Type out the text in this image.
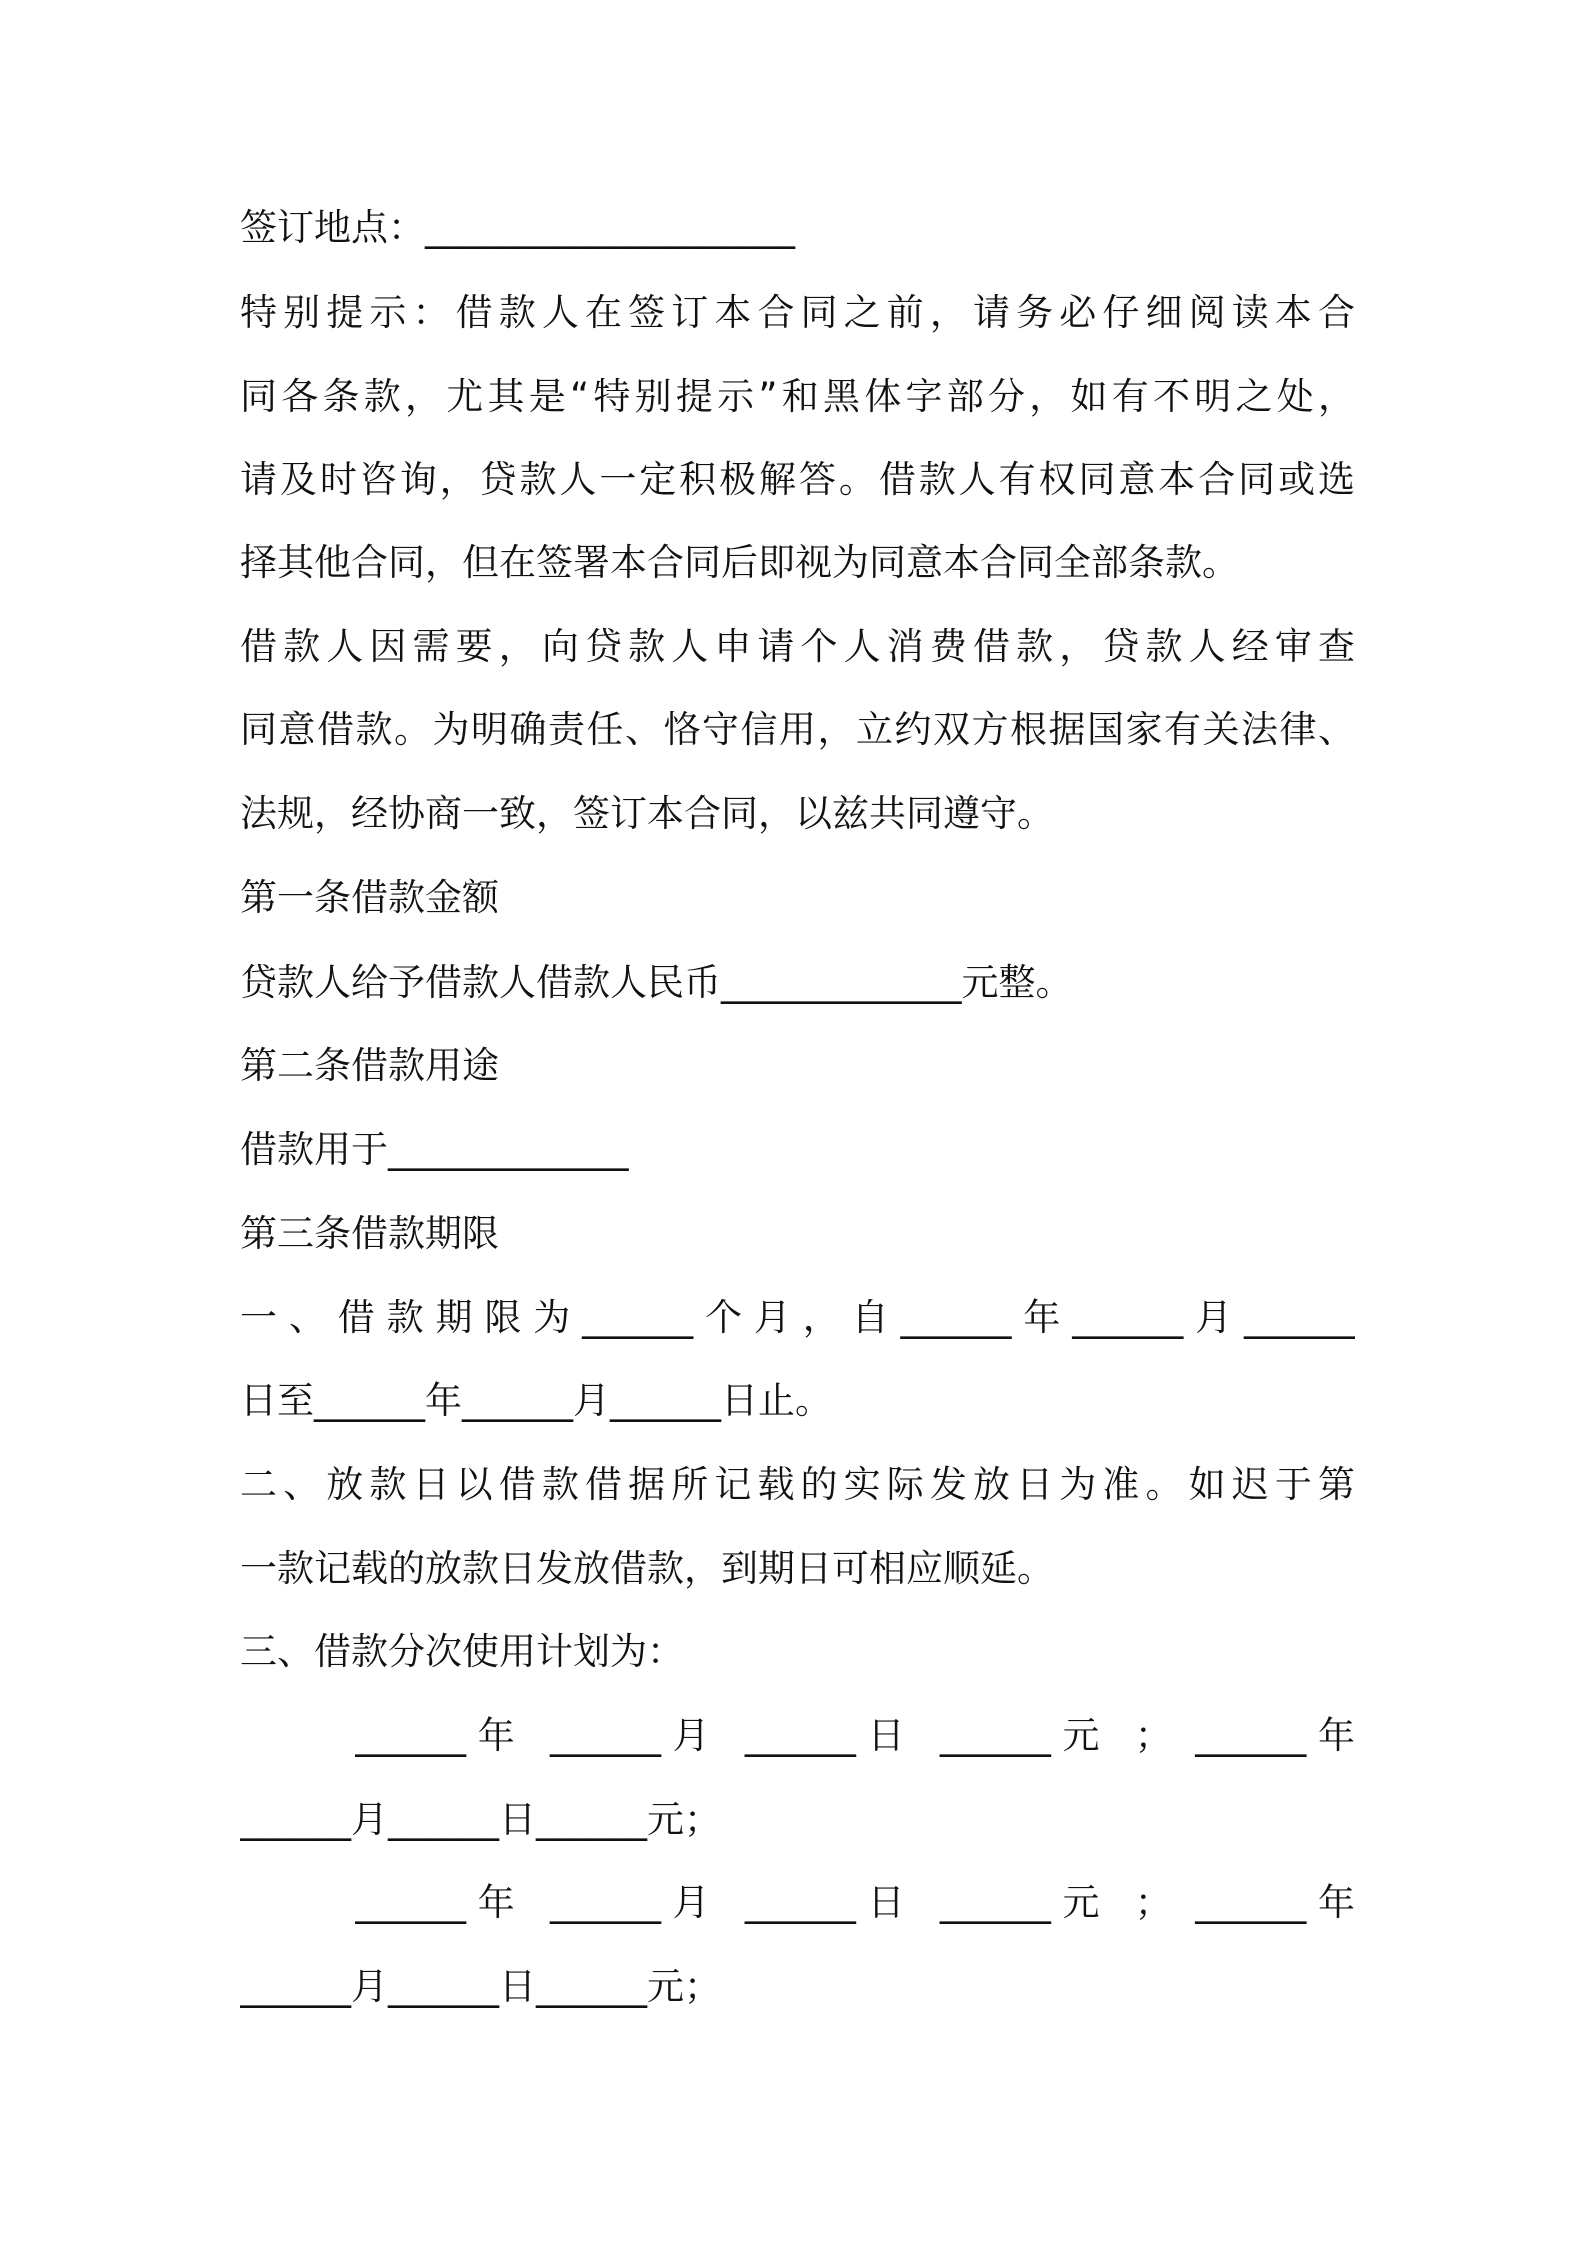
签订地点：____________________
特别提示：借款人在签订本合同之前，请务必仔细阅读本合
同各条款，尤其是“特别提示”和黑体字部分，如有不明之处，
请及时咨询，贷款人一定积极解答。借款人有权同意本合同或选
择其他合同，但在签署本合同后即视为同意本合同全部条款。
借款人因需要，向贷款人申请个人消费借款，贷款人经审查
同意借款。为明确责任、恪守信用，立约双方根据国家有关法律、
法规，经协商一致，签订本合同，以兹共同遵守。
第一条借款金额
贷款人给予借款人借款人民币_____________元整。
第二条借款用途
借款用于_____________
第三条借款期限
一、借款期限为______个月，自______年______月______
日至______年______月______日止。
二、放款日以借款借据所记载的实际发放日为准。如迟于第
一款记载的放款日发放借款，到期日可相应顺延。
三、借款分次使用计划为：
______年 ______月 ______日 ______元 ； ______年
______月______日______元；
______年 ______月 ______日 ______元 ； ______年
______月______日______元；
